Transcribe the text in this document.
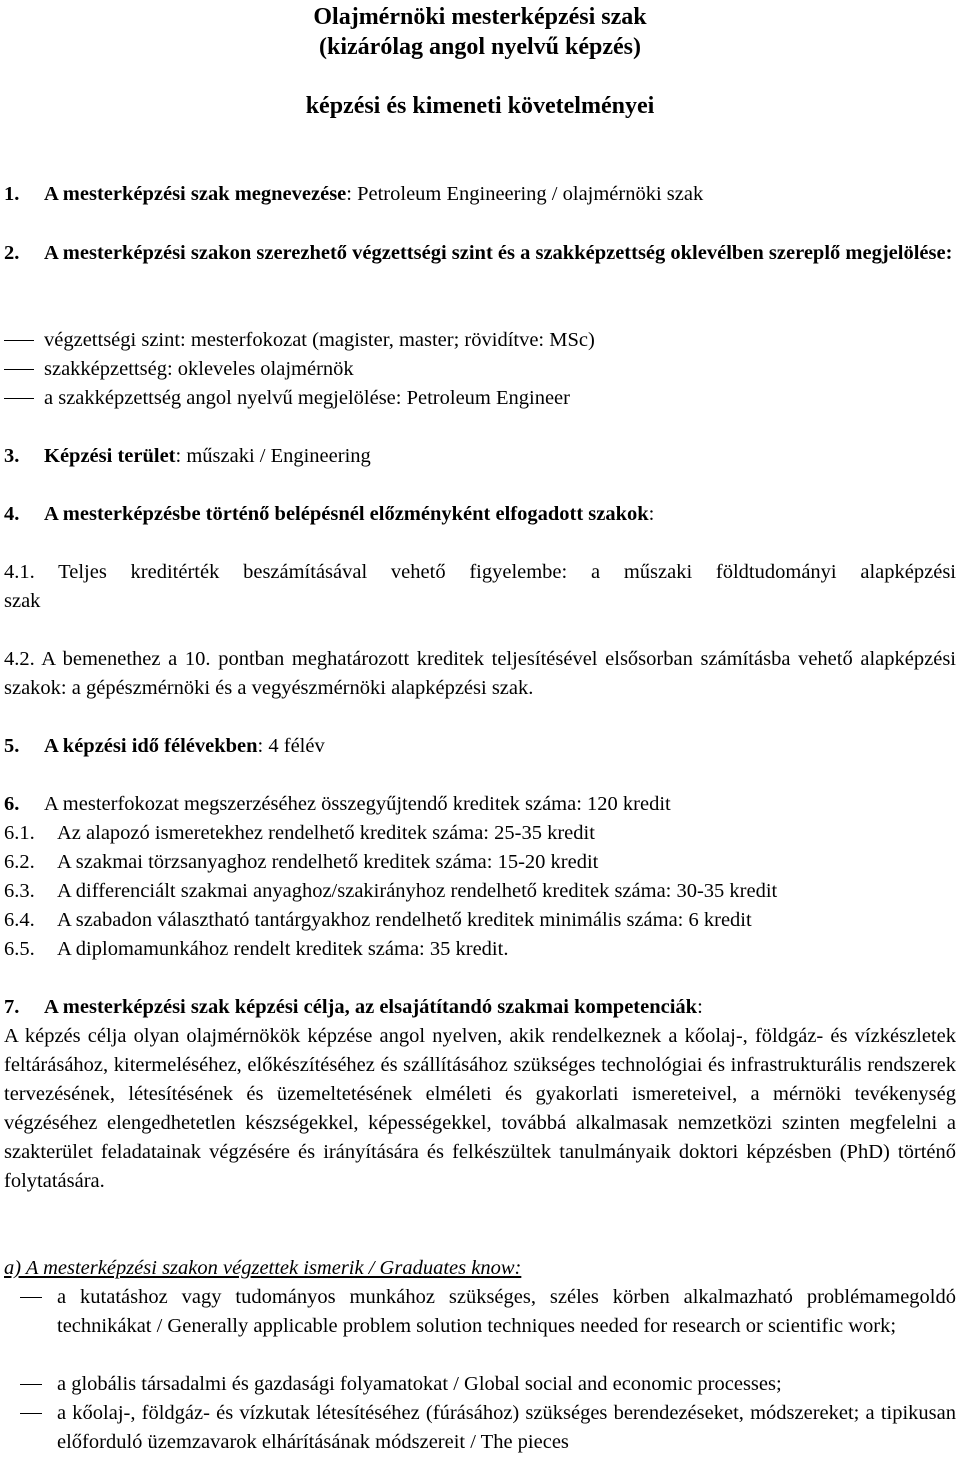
Olajmérnöki mesterképzési szak
(kizárólag angol nyelvű képzés)
képzési és kimeneti követelményei
1. A mesterképzési szak megnevezése: Petroleum Engineering / olajmérnöki szak
2. A mesterképzési szakon szerezhető végzettségi szint és a szakképzettség oklevélben szereplő megjelölése:
végzettségi szint: mesterfokozat (magister, master; rövidítve: MSc)
szakképzettség: okleveles olajmérnök
a szakképzettség angol nyelvű megjelölése: Petroleum Engineer
3. Képzési terület: műszaki / Engineering
4. A mesterképzésbe történő belépésnél előzményként elfogadott szakok:
4.1. Teljes kreditérték beszámításával vehető figyelembe: a műszaki földtudományi alapképzési szak
4.2. A bemenethez a 10. pontban meghatározott kreditek teljesítésével elsősorban számításba vehető alapképzési szakok: a gépészmérnöki és a vegyészmérnöki alapképzési szak.
5. A képzési idő félévekben: 4 félév
6. A mesterfokozat megszerzéséhez összegyűjtendő kreditek száma: 120 kredit
6.1. Az alapozó ismeretekhez rendelhető kreditek száma: 25-35 kredit
6.2. A szakmai törzsanyaghoz rendelhető kreditek száma: 15-20 kredit
6.3. A differenciált szakmai anyaghoz/szakirányhoz rendelhető kreditek száma: 30-35 kredit
6.4. A szabadon választható tantárgyakhoz rendelhető kreditek minimális száma: 6 kredit
6.5. A diplomamunkához rendelt kreditek száma: 35 kredit.
7. A mesterképzési szak képzési célja, az elsajátítandó szakmai kompetenciák:
A képzés célja olyan olajmérnökök képzése angol nyelven, akik rendelkeznek a kőolaj-, földgáz- és vízkészletek feltárásához, kitermeléséhez, előkészítéséhez és szállításához szükséges technológiai és infrastrukturális rendszerek tervezésének, létesítésének és üzemeltetésének elméleti és gyakorlati ismereteivel, a mérnöki tevékenység végzéséhez elengedhetetlen készségekkel, képességekkel, továbbá alkalmasak nemzetközi szinten megfelelni a szakterület feladatainak végzésére és irányítására és felkészültek tanulmányaik doktori képzésben (PhD) történő folytatására.
a) A mesterképzési szakon végzettek ismerik / Graduates know:
a kutatáshoz vagy tudományos munkához szükséges, széles körben alkalmazható problémamegoldó technikákat / Generally applicable problem solution techniques needed for research or scientific work;
a globális társadalmi és gazdasági folyamatokat / Global social and economic processes;
a kőolaj-, földgáz- és vízkutak létesítéséhez (fúrásához) szükséges berendezéseket, módszereket; a tipikusan előforduló üzemzavarok elhárításának módszereit / The pieces
